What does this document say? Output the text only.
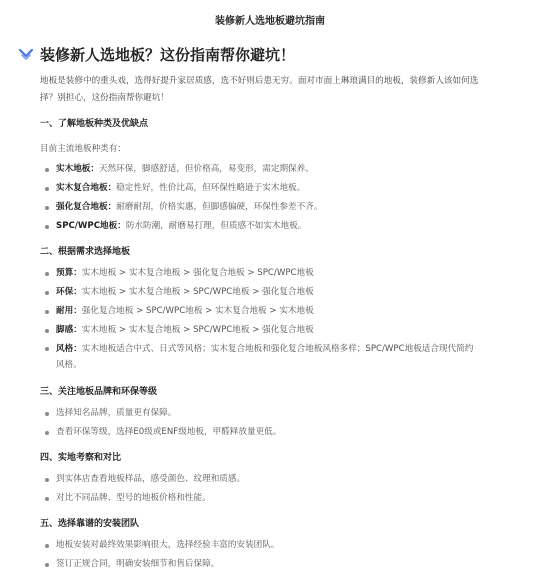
装修新人选地板避坑指南
装修新人选地板？这份指南帮你避坑！
地板是装修中的重头戏，选得好提升家居质感，选不好则后患无穷。面对市面上琳琅满目的地板，装修新人该如何选择？别担心，这份指南帮你避坑！
一、了解地板种类及优缺点
目前主流地板种类有：
实木地板：天然环保，脚感舒适，但价格高，易变形，需定期保养。
实木复合地板：稳定性好，性价比高，但环保性略逊于实木地板。
强化复合地板：耐磨耐刮，价格实惠，但脚感偏硬，环保性参差不齐。
SPC/WPC地板：防水防潮，耐磨易打理，但质感不如实木地板。
二、根据需求选择地板
预算：实木地板 > 实木复合地板 > 强化复合地板 > SPC/WPC地板
环保：实木地板 > 实木复合地板 > SPC/WPC地板 > 强化复合地板
耐用：强化复合地板 > SPC/WPC地板 > 实木复合地板 > 实木地板
脚感：实木地板 > 实木复合地板 > SPC/WPC地板 > 强化复合地板
风格：实木地板适合中式、日式等风格；实木复合地板和强化复合地板风格多样；SPC/WPC地板适合现代简约风格。
三、关注地板品牌和环保等级
选择知名品牌，质量更有保障。
查看环保等级，选择E0级或ENF级地板，甲醛释放量更低。
四、实地考察和对比
到实体店查看地板样品，感受颜色、纹理和质感。
对比不同品牌、型号的地板价格和性能。
五、选择靠谱的安装团队
地板安装对最终效果影响很大，选择经验丰富的安装团队。
签订正规合同，明确安装细节和售后保障。
